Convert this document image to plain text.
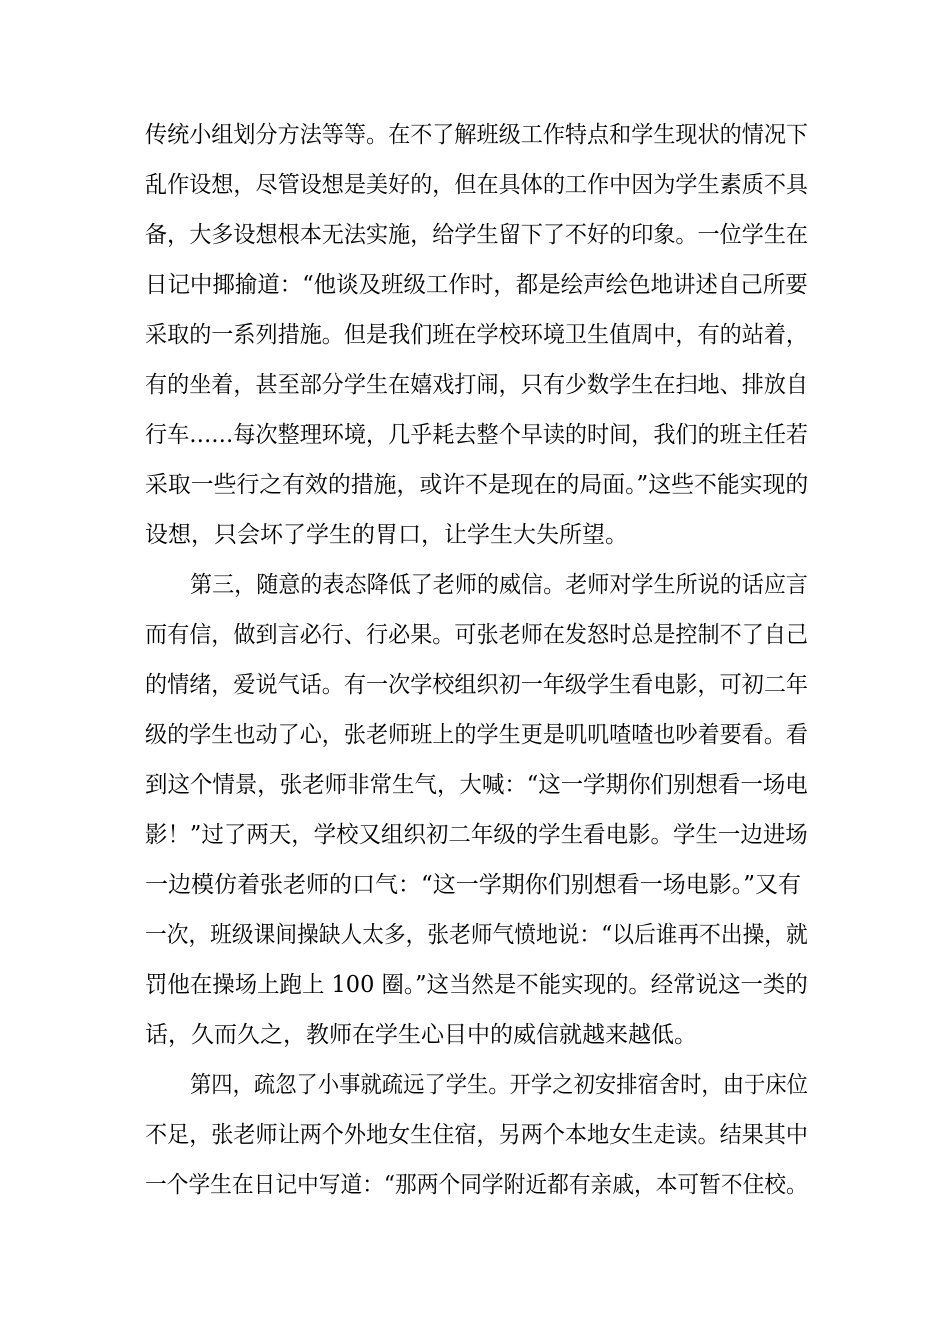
传统小组划分方法等等。在不了解班级工作特点和学生现状的情况下
乱作设想，尽管设想是美好的，但在具体的工作中因为学生素质不具
备，大多设想根本无法实施，给学生留下了不好的印象。一位学生在
日记中揶揄道：“他谈及班级工作时，都是绘声绘色地讲述自己所要
采取的一系列措施。但是我们班在学校环境卫生值周中，有的站着，
有的坐着，甚至部分学生在嬉戏打闹，只有少数学生在扫地、排放自
行车……每次整理环境，几乎耗去整个早读的时间，我们的班主任若
采取一些行之有效的措施，或许不是现在的局面。”这些不能实现的
设想，只会坏了学生的胃口，让学生大失所望。
第三，随意的表态降低了老师的威信。老师对学生所说的话应言
而有信，做到言必行、行必果。可张老师在发怒时总是控制不了自己
的情绪，爱说气话。有一次学校组织初一年级学生看电影，可初二年
级的学生也动了心，张老师班上的学生更是叽叽喳喳也吵着要看。看
到这个情景，张老师非常生气，大喊：“这一学期你们别想看一场电
影！”过了两天，学校又组织初二年级的学生看电影。学生一边进场
一边模仿着张老师的口气：“这一学期你们别想看一场电影。”又有
一次，班级课间操缺人太多，张老师气愤地说：“以后谁再不出操，就
罚他在操场上跑上 100 圈。”这当然是不能实现的。经常说这一类的
话，久而久之，教师在学生心目中的威信就越来越低。
第四，疏忽了小事就疏远了学生。开学之初安排宿舍时，由于床位
不足，张老师让两个外地女生住宿，另两个本地女生走读。结果其中
一个学生在日记中写道：“那两个同学附近都有亲戚，本可暂不住校。
